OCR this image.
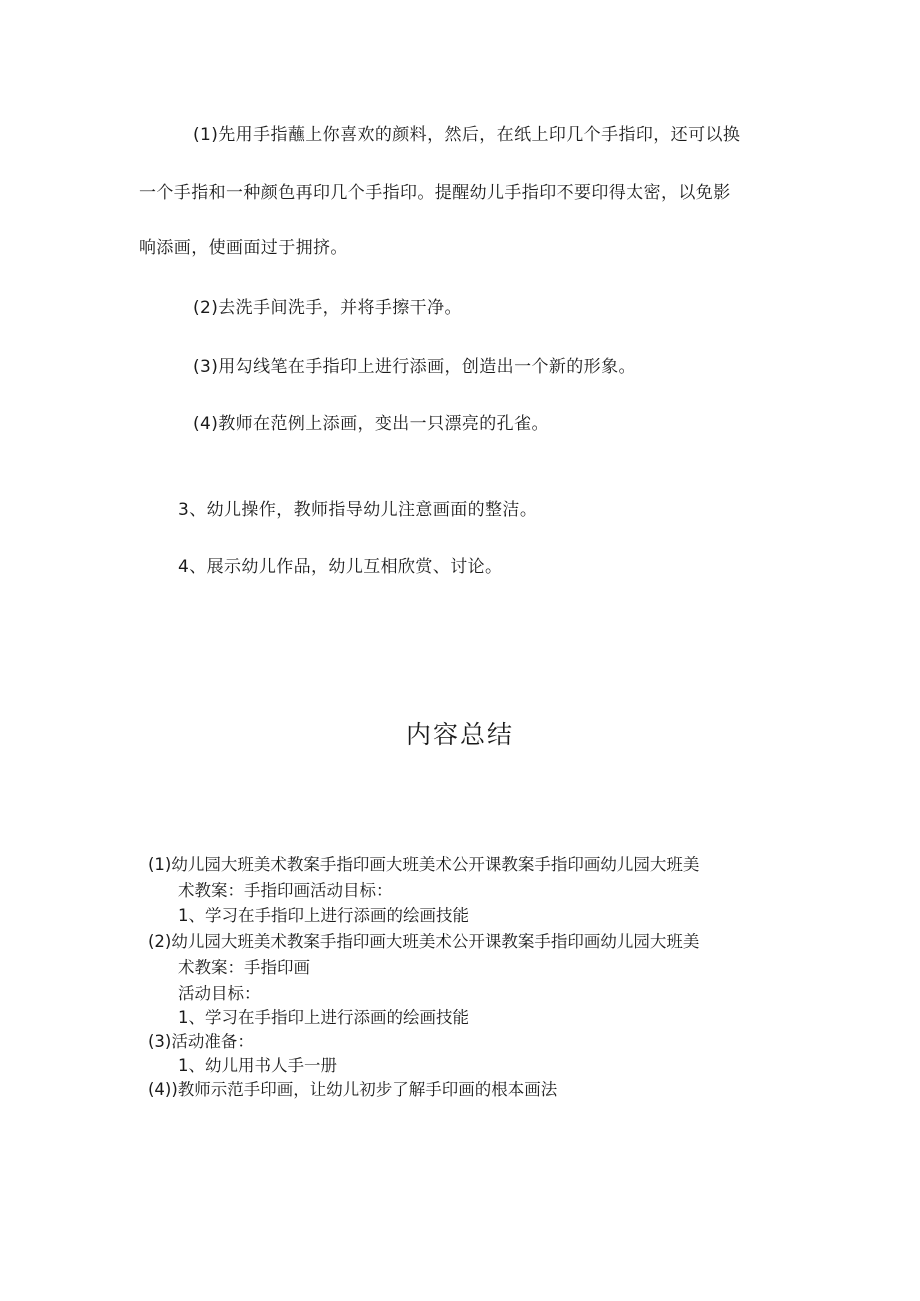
(1)先用手指蘸上你喜欢的颜料，然后，在纸上印几个手指印，还可以换
一个手指和一种颜色再印几个手指印。提醒幼儿手指印不要印得太密，以免影
响添画，使画面过于拥挤。
(2)去洗手间洗手，并将手擦干净。
(3)用勾线笔在手指印上进行添画，创造出一个新的形象。
(4)教师在范例上添画，变出一只漂亮的孔雀。
3、幼儿操作，教师指导幼儿注意画面的整洁。
4、展示幼儿作品，幼儿互相欣赏、讨论。
内容总结
(1)幼儿园大班美术教案手指印画大班美术公开课教案手指印画幼儿园大班美
术教案：手指印画活动目标：
1、学习在手指印上进行添画的绘画技能
(2)幼儿园大班美术教案手指印画大班美术公开课教案手指印画幼儿园大班美
术教案：手指印画
活动目标：
1、学习在手指印上进行添画的绘画技能
(3)活动准备：
1、幼儿用书人手一册
(4))教师示范手印画，让幼儿初步了解手印画的根本画法
